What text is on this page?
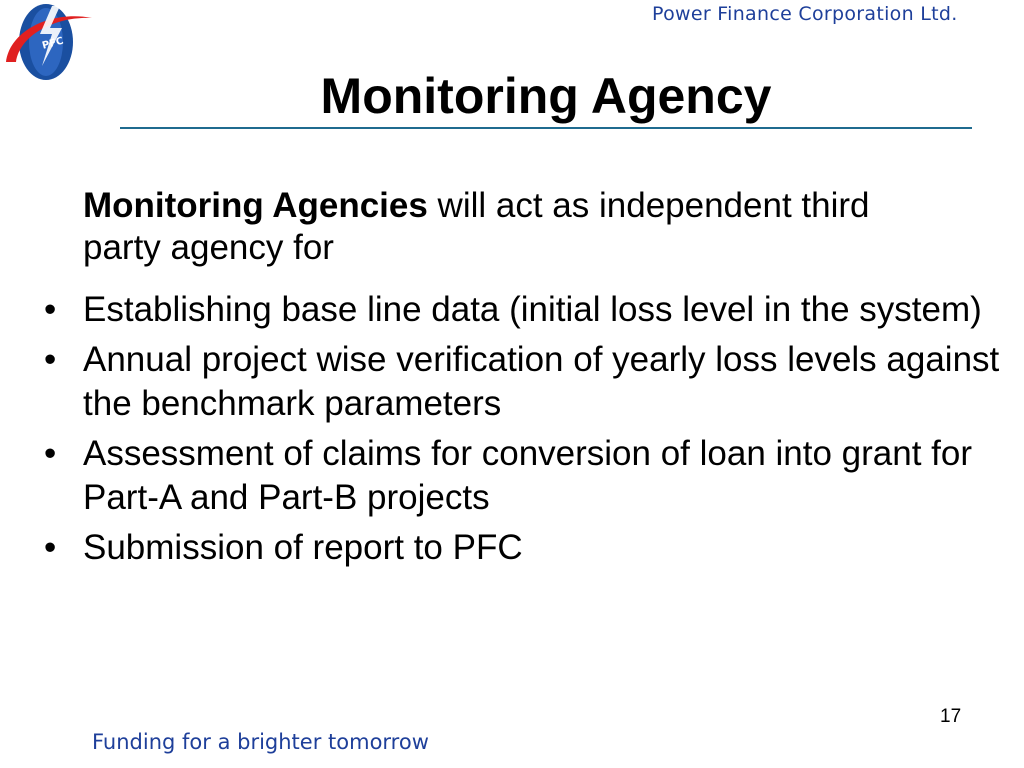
PFC
Power Finance Corporation Ltd.
Monitoring Agency

Monitoring Agencies will act as independent third party agency for

• Establishing base line data (initial loss level in the system)
• Annual project wise verification of yearly loss levels against the benchmark parameters
• Assessment of claims for conversion of loan into grant for Part-A and Part-B projects
• Submission of report to PFC
17
Funding for a brighter tomorrow
